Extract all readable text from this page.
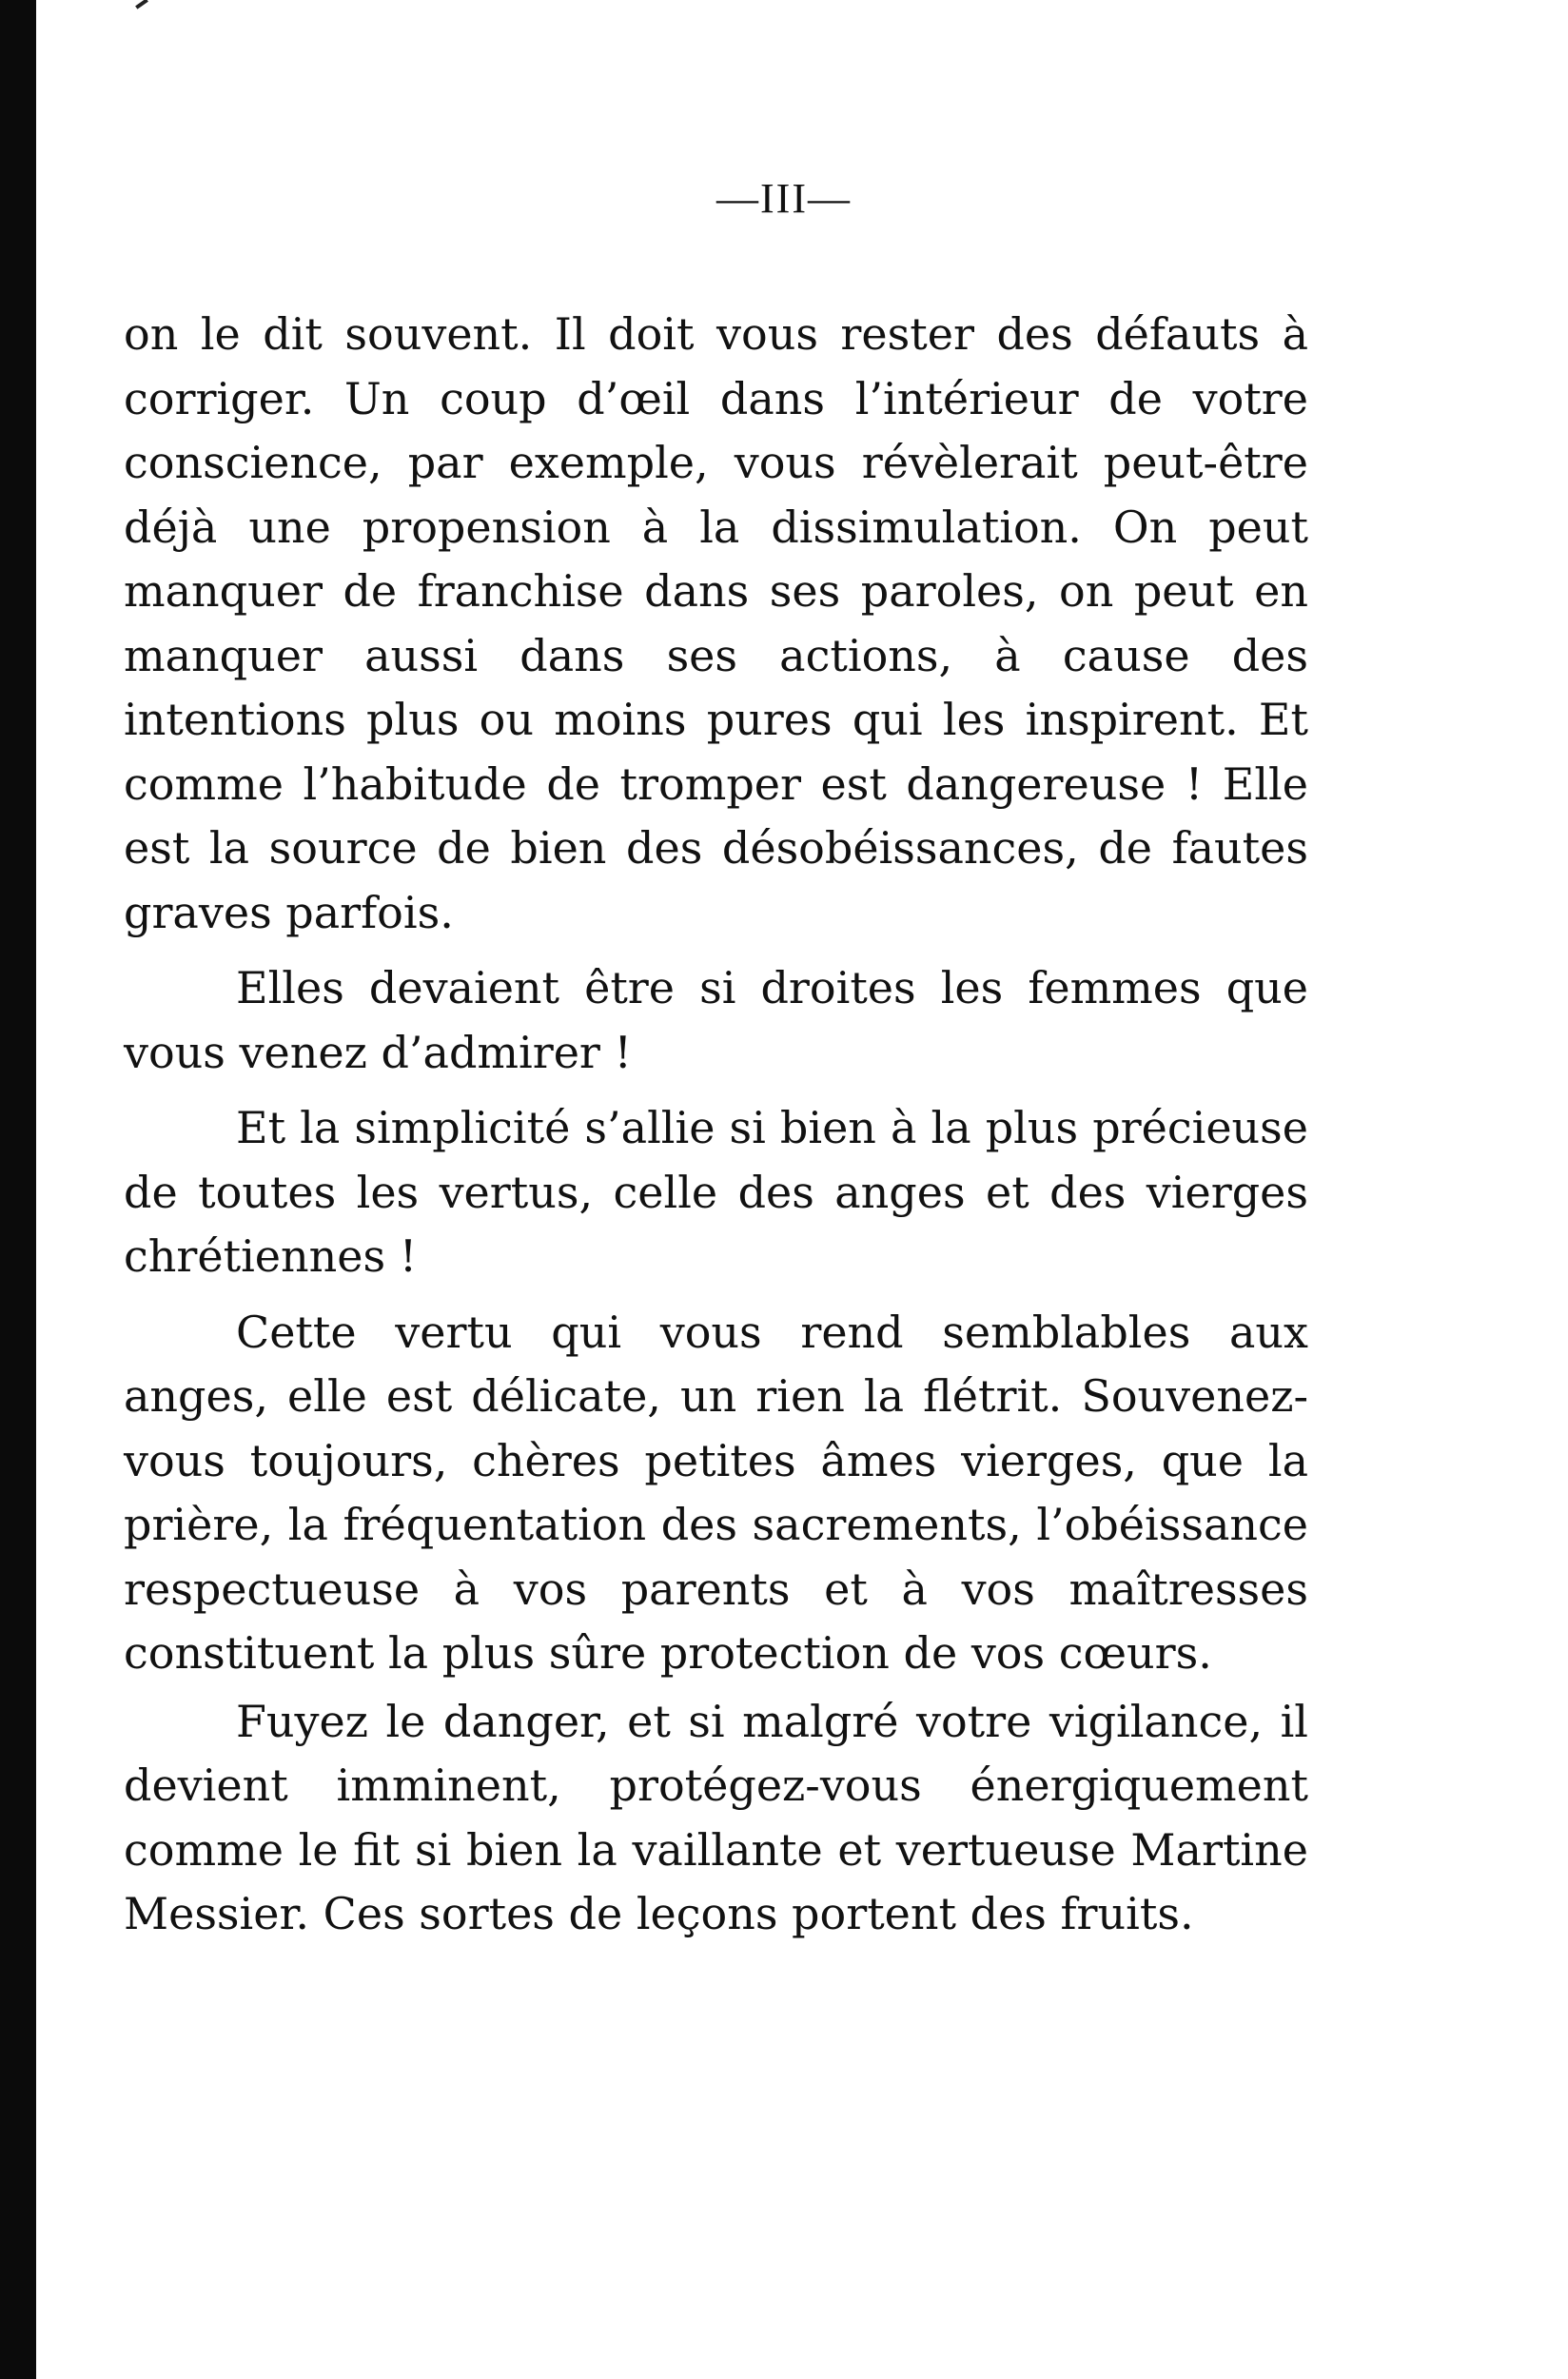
—III—

on le dit souvent. Il doit vous rester des défauts à corriger. Un coup d’œil dans l’intérieur de votre conscience, par exemple, vous révèlerait peut-être déjà une propension à la dissimulation. On peut manquer de franchise dans ses paroles, on peut en manquer aussi dans ses actions, à cause des intentions plus ou moins pures qui les inspirent. Et comme l’habitude de tromper est dangereuse ! Elle est la source de bien des désobéissances, de fautes graves parfois.

Elles devaient être si droites les femmes que vous venez d’admirer !

Et la simplicité s’allie si bien à la plus précieuse de toutes les vertus, celle des anges et des vierges chrétiennes !

Cette vertu qui vous rend semblables aux anges, elle est délicate, un rien la flétrit. Souvenez-vous toujours, chères petites âmes vierges, que la prière, la fréquentation des sacrements, l’obéissance respectueuse à vos parents et à vos maîtresses constituent la plus sûre protection de vos cœurs.

Fuyez le danger, et si malgré votre vigilance, il devient imminent, protégez-vous énergiquement comme le fit si bien la vaillante et vertueuse Martine Messier. Ces sortes de leçons portent des fruits.
